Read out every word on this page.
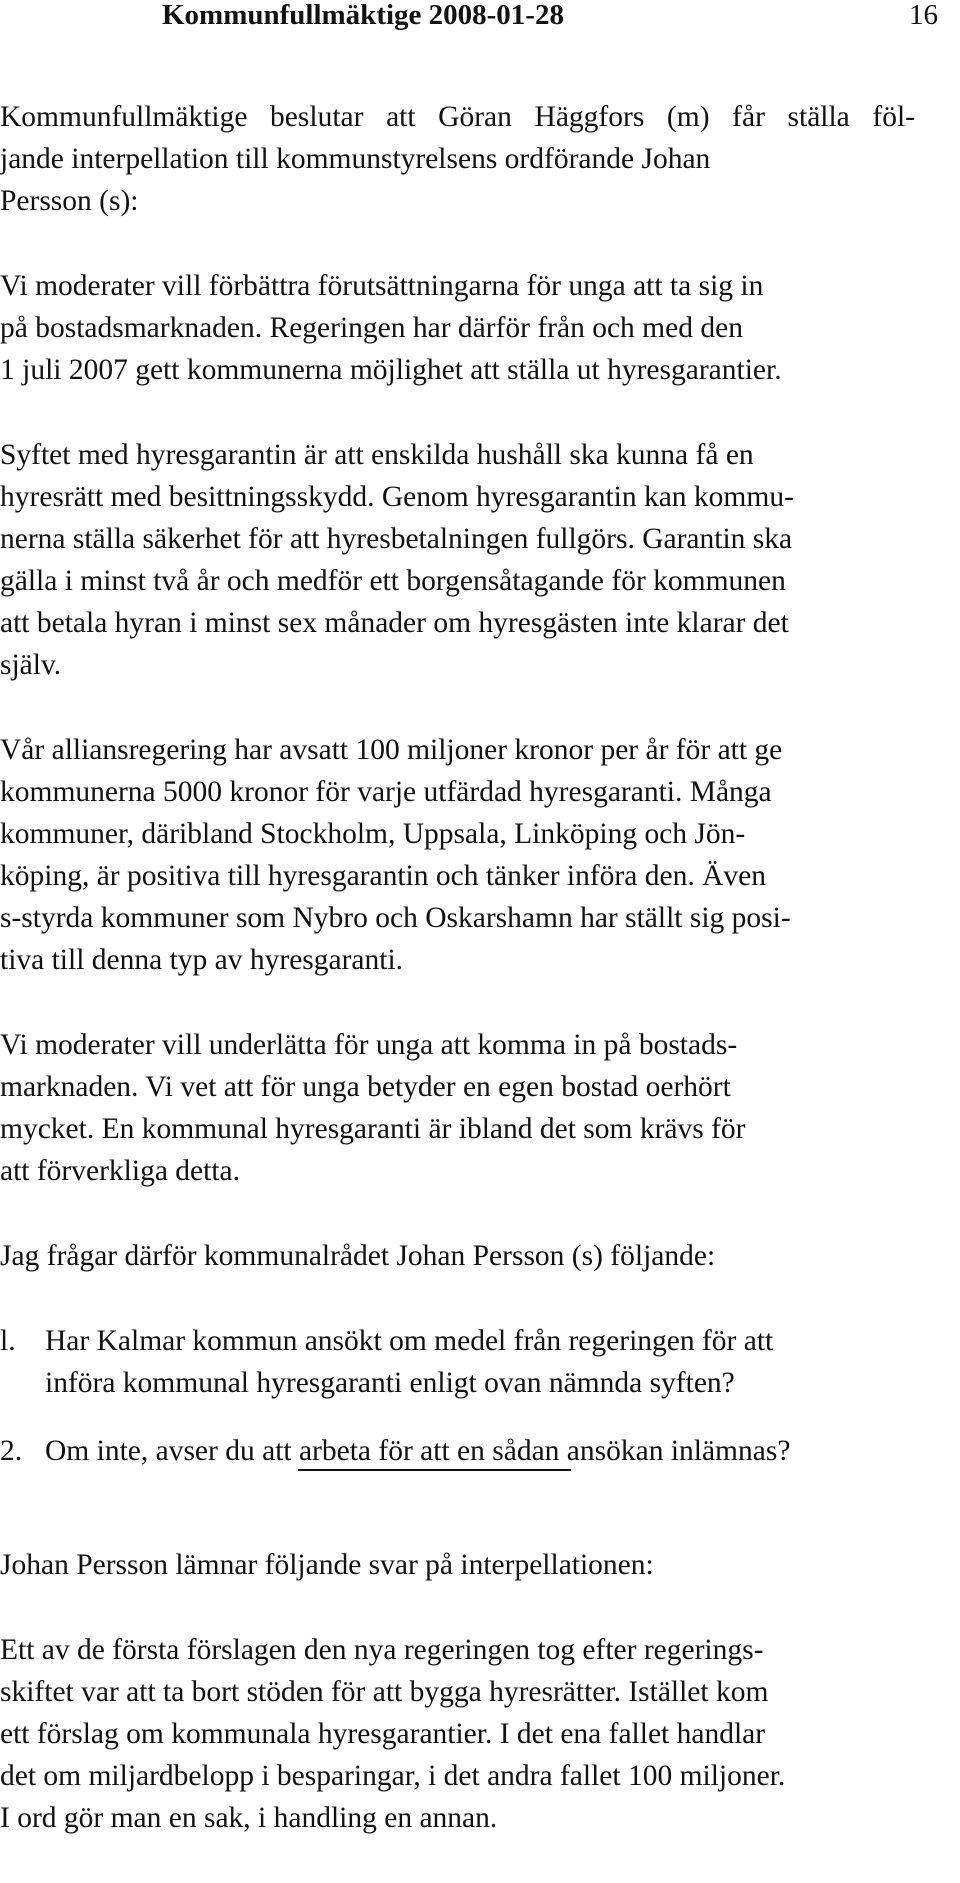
Kommunfullmäktige 2008-01-28	16
Kommunfullmäktige beslutar att Göran Häggfors (m) får ställa föl-
jande interpellation till kommunstyrelsens ordförande Johan
Persson (s):
Vi moderater vill förbättra förutsättningarna för unga att ta sig in
på bostadsmarknaden. Regeringen har därför från och med den
1 juli 2007 gett kommunerna möjlighet att ställa ut hyresgarantier.
Syftet med hyresgarantin är att enskilda hushåll ska kunna få en
hyresrätt med besittningsskydd. Genom hyresgarantin kan kommu-
nerna ställa säkerhet för att hyresbetalningen fullgörs. Garantin ska
gälla i minst två år och medför ett borgensåtagande för kommunen
att betala hyran i minst sex månader om hyresgästen inte klarar det
själv.
Vår alliansregering har avsatt 100 miljoner kronor per år för att ge
kommunerna 5000 kronor för varje utfärdad hyresgaranti. Många
kommuner, däribland Stockholm, Uppsala, Linköping och Jön-
köping, är positiva till hyresgarantin och tänker införa den. Även
s-styrda kommuner som Nybro och Oskarshamn har ställt sig posi-
tiva till denna typ av hyresgaranti.
Vi moderater vill underlätta för unga att komma in på bostads-
marknaden. Vi vet att för unga betyder en egen bostad oerhört
mycket. En kommunal hyresgaranti är ibland det som krävs för
att förverkliga detta.
Jag frågar därför kommunalrådet Johan Persson (s) följande:
l. Har Kalmar kommun ansökt om medel från regeringen för att
införa kommunal hyresgaranti enligt ovan nämnda syften?
2. Om inte, avser du att arbeta för att en sådan ansökan inlämnas?
Johan Persson lämnar följande svar på interpellationen:
Ett av de första förslagen den nya regeringen tog efter regerings-
skiftet var att ta bort stöden för att bygga hyresrätter. Istället kom
ett förslag om kommunala hyresgarantier. I det ena fallet handlar
det om miljardbelopp i besparingar, i det andra fallet 100 miljoner.
I ord gör man en sak, i handling en annan.
